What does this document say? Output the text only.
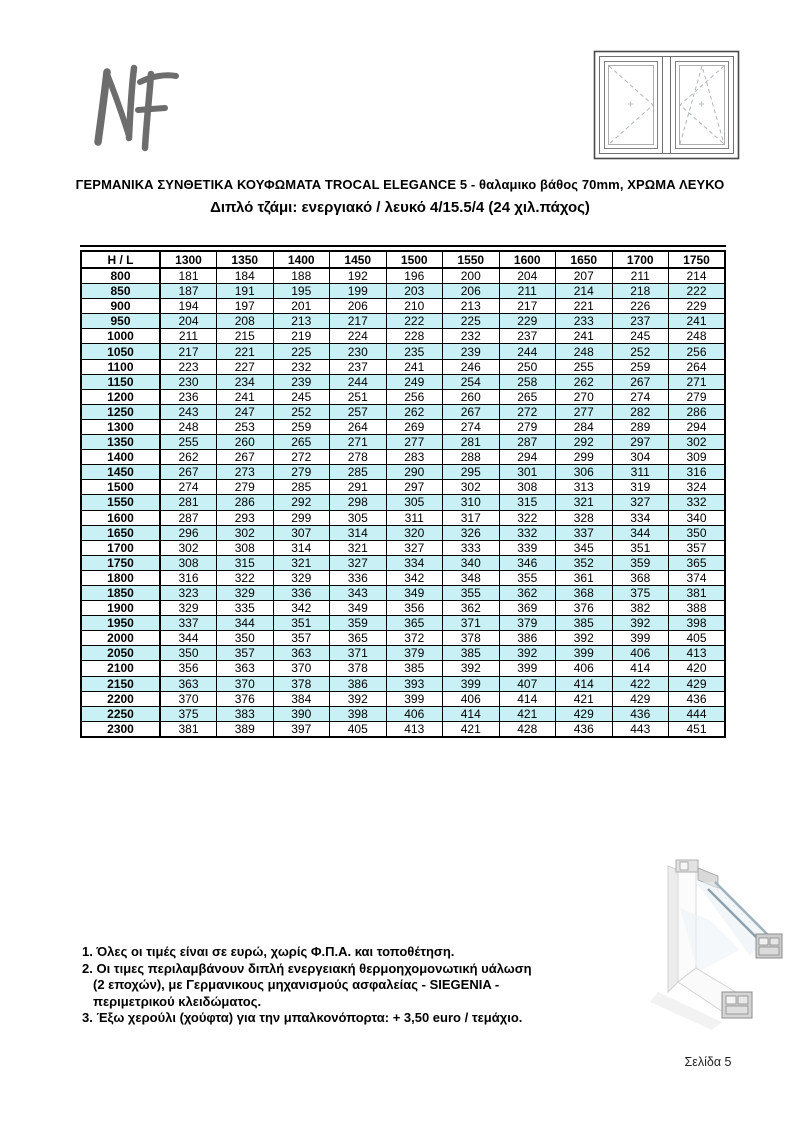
ΓΕΡΜΑΝΙΚΑ ΣΥΝΘΕΤΙΚΑ ΚΟΥΦΩΜΑΤΑ TROCAL ELEGANCE 5 - θαλαμικο βάθος 70mm, ΧΡΩΜΑ ΛΕΥΚΟ
Διπλό τζάμι: ενεργιακό / λευκό 4/15.5/4 (24 χιλ.πάχος)
H / L	1300	1350	1400	1450	1500	1550	1600	1650	1700	1750
800	181	184	188	192	196	200	204	207	211	214
850	187	191	195	199	203	206	211	214	218	222
900	194	197	201	206	210	213	217	221	226	229
950	204	208	213	217	222	225	229	233	237	241
1000	211	215	219	224	228	232	237	241	245	248
1050	217	221	225	230	235	239	244	248	252	256
1100	223	227	232	237	241	246	250	255	259	264
1150	230	234	239	244	249	254	258	262	267	271
1200	236	241	245	251	256	260	265	270	274	279
1250	243	247	252	257	262	267	272	277	282	286
1300	248	253	259	264	269	274	279	284	289	294
1350	255	260	265	271	277	281	287	292	297	302
1400	262	267	272	278	283	288	294	299	304	309
1450	267	273	279	285	290	295	301	306	311	316
1500	274	279	285	291	297	302	308	313	319	324
1550	281	286	292	298	305	310	315	321	327	332
1600	287	293	299	305	311	317	322	328	334	340
1650	296	302	307	314	320	326	332	337	344	350
1700	302	308	314	321	327	333	339	345	351	357
1750	308	315	321	327	334	340	346	352	359	365
1800	316	322	329	336	342	348	355	361	368	374
1850	323	329	336	343	349	355	362	368	375	381
1900	329	335	342	349	356	362	369	376	382	388
1950	337	344	351	359	365	371	379	385	392	398
2000	344	350	357	365	372	378	386	392	399	405
2050	350	357	363	371	379	385	392	399	406	413
2100	356	363	370	378	385	392	399	406	414	420
2150	363	370	378	386	393	399	407	414	422	429
2200	370	376	384	392	399	406	414	421	429	436
2250	375	383	390	398	406	414	421	429	436	444
2300	381	389	397	405	413	421	428	436	443	451
1. Όλες οι τιμές είναι σε ευρώ, χωρίς Φ.Π.Α. και τοποθέτηση.
2. Οι τιμες περιλαμβάνουν διπλή ενεργειακή θερμοηχομονωτική υάλωση
(2 εποχών), με Γερμανικους μηχανισμούς ασφαλείας - SIEGENIA -
περιμετρικού κλειδώματος.
3. Έξω χερούλι (χούφτα) για την μπαλκονόπορτα: + 3,50 euro / τεμάχιο.
Σελίδα 5
